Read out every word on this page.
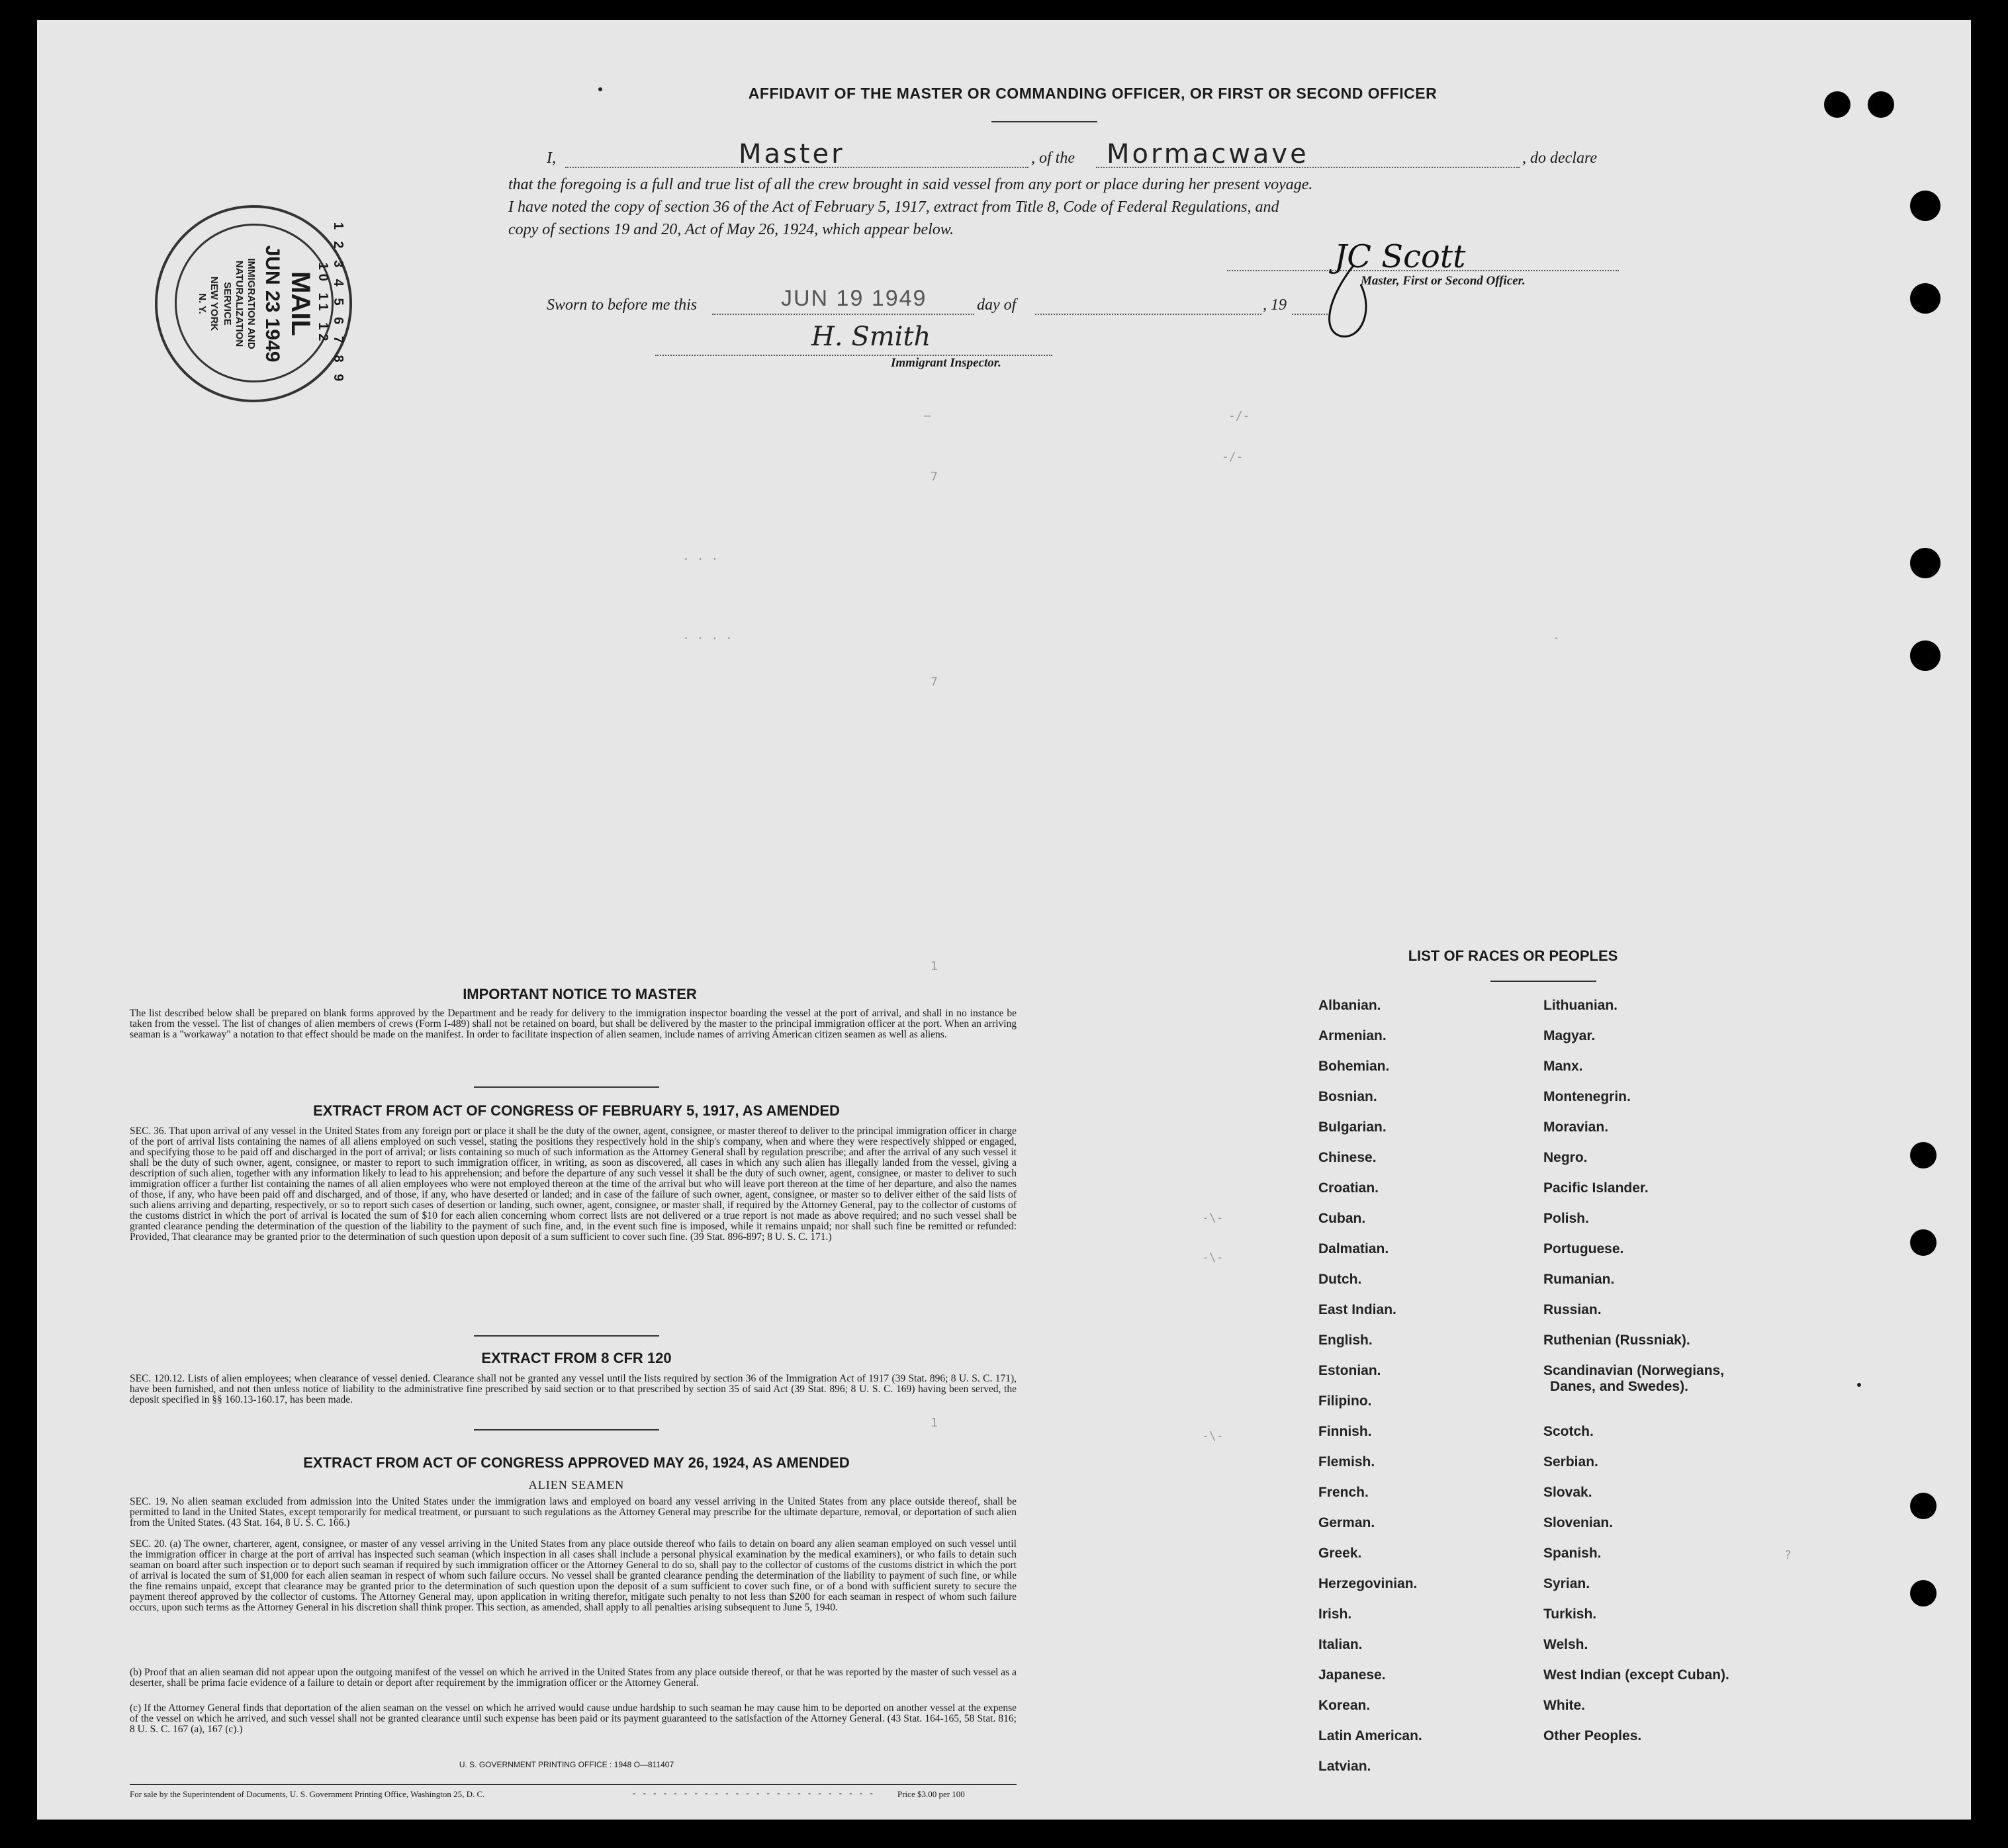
AFFIDAVIT OF THE MASTER OR COMMANDING OFFICER, OR FIRST OR SECOND OFFICER
I,	Master	, of the Mormacwave	, do declare
that the foregoing is a full and true list of all the crew brought in said vessel from any port or place during her present voyage.
I have noted the copy of section 36 of the Act of February 5, 1917, extract from Title 8, Code of Federal Regulations, and
copy of sections 19 and 20, Act of May 26, 1924, which appear below.
JC Scott
Master, First or Second Officer.
Sworn to before me this	JUN 19 1949	day of	, 19
H. Smith
Immigrant Inspector.
1 2 3 4 5 6 7 8 9 10 11 12
MAIL
JUN 23 1949
IMMIGRATION AND
NATURALIZATION
SERVICE
NEW YORK
N. Y.
—	-/-
-/-
. . .
. . . .
7
7
.
1
-\-
-\-
-\-
1
?
IMPORTANT NOTICE TO MASTER
The list described below shall be prepared on blank forms approved by the Department and be ready for delivery to the immigration inspector boarding the vessel at the port of arrival, and shall in no instance be taken from the vessel. The list of changes of alien members of crews (Form I-489) shall not be retained on board, but shall be delivered by the master to the principal immigration officer at the port. When an arriving seaman is a "workaway" a notation to that effect should be made on the manifest. In order to facilitate inspection of alien seamen, include names of arriving American citizen seamen as well as aliens.
EXTRACT FROM ACT OF CONGRESS OF FEBRUARY 5, 1917, AS AMENDED
SEC. 36. That upon arrival of any vessel in the United States from any foreign port or place it shall be the duty of the owner, agent, consignee, or master thereof to deliver to the principal immigration officer in charge of the port of arrival lists containing the names of all aliens employed on such vessel, stating the positions they respectively hold in the ship's company, when and where they were respectively shipped or engaged, and specifying those to be paid off and discharged in the port of arrival; or lists containing so much of such information as the Attorney General shall by regulation prescribe; and after the arrival of any such vessel it shall be the duty of such owner, agent, consignee, or master to report to such immigration officer, in writing, as soon as discovered, all cases in which any such alien has illegally landed from the vessel, giving a description of such alien, together with any information likely to lead to his apprehension; and before the departure of any such vessel it shall be the duty of such owner, agent, consignee, or master to deliver to such immigration officer a further list containing the names of all alien employees who were not employed thereon at the time of the arrival but who will leave port thereon at the time of her departure, and also the names of those, if any, who have been paid off and discharged, and of those, if any, who have deserted or landed; and in case of the failure of such owner, agent, consignee, or master so to deliver either of the said lists of such aliens arriving and departing, respectively, or so to report such cases of desertion or landing, such owner, agent, consignee, or master shall, if required by the Attorney General, pay to the collector of customs of the customs district in which the port of arrival is located the sum of $10 for each alien concerning whom correct lists are not delivered or a true report is not made as above required; and no such vessel shall be granted clearance pending the determination of the question of the liability to the payment of such fine, and, in the event such fine is imposed, while it remains unpaid; nor shall such fine be remitted or refunded: Provided, That clearance may be granted prior to the determination of such question upon deposit of a sum sufficient to cover such fine. (39 Stat. 896-897; 8 U. S. C. 171.)
EXTRACT FROM 8 CFR 120
SEC. 120.12. Lists of alien employees; when clearance of vessel denied. Clearance shall not be granted any vessel until the lists required by section 36 of the Immigration Act of 1917 (39 Stat. 896; 8 U. S. C. 171), have been furnished, and not then unless notice of liability to the administrative fine prescribed by said section or to that prescribed by section 35 of said Act (39 Stat. 896; 8 U. S. C. 169) having been served, the deposit specified in §§ 160.13-160.17, has been made.
EXTRACT FROM ACT OF CONGRESS APPROVED MAY 26, 1924, AS AMENDED
ALIEN SEAMEN
SEC. 19. No alien seaman excluded from admission into the United States under the immigration laws and employed on board any vessel arriving in the United States from any place outside thereof, shall be permitted to land in the United States, except temporarily for medical treatment, or pursuant to such regulations as the Attorney General may prescribe for the ultimate departure, removal, or deportation of such alien from the United States. (43 Stat. 164, 8 U. S. C. 166.)
SEC. 20. (a) The owner, charterer, agent, consignee, or master of any vessel arriving in the United States from any place outside thereof who fails to detain on board any alien seaman employed on such vessel until the immigration officer in charge at the port of arrival has inspected such seaman (which inspection in all cases shall include a personal physical examination by the medical examiners), or who fails to detain such seaman on board after such inspection or to deport such seaman if required by such immigration officer or the Attorney General to do so, shall pay to the collector of customs of the customs district in which the port of arrival is located the sum of $1,000 for each alien seaman in respect of whom such failure occurs. No vessel shall be granted clearance pending the determination of the liability to payment of such fine, or while the fine remains unpaid, except that clearance may be granted prior to the determination of such question upon the deposit of a sum sufficient to cover such fine, or of a bond with sufficient surety to secure the payment thereof approved by the collector of customs. The Attorney General may, upon application in writing therefor, mitigate such penalty to not less than $200 for each seaman in respect of whom such failure occurs, upon such terms as the Attorney General in his discretion shall think proper. This section, as amended, shall apply to all penalties arising subsequent to June 5, 1940.
(b) Proof that an alien seaman did not appear upon the outgoing manifest of the vessel on which he arrived in the United States from any place outside thereof, or that he was reported by the master of such vessel as a deserter, shall be prima facie evidence of a failure to detain or deport after requirement by the immigration officer or the Attorney General.
(c) If the Attorney General finds that deportation of the alien seaman on the vessel on which he arrived would cause undue hardship to such seaman he may cause him to be deported on another vessel at the expense of the vessel on which he arrived, and such vessel shall not be granted clearance until such expense has been paid or its payment guaranteed to the satisfaction of the Attorney General. (43 Stat. 164-165, 58 Stat. 816; 8 U. S. C. 167 (a), 167 (c).)
U. S. GOVERNMENT PRINTING OFFICE : 1948 O—811407
For sale by the Superintendent of Documents, U. S. Government Printing Office, Washington 25, D. C.	- - - - - - - - - - - - - - - - - - - - - - - -	Price $3.00 per 100
LIST OF RACES OR PEOPLES
Albanian.
Armenian.
Bohemian.
Bosnian.
Bulgarian.
Chinese.
Croatian.
Cuban.
Dalmatian.
Dutch.
East Indian.
English.
Estonian.
Filipino.
Finnish.
Flemish.
French.
German.
Greek.
Herzegovinian.
Irish.
Italian.
Japanese.
Korean.
Latin American.
Latvian.
Lithuanian.
Magyar.
Manx.
Montenegrin.
Moravian.
Negro.
Pacific Islander.
Polish.
Portuguese.
Rumanian.
Russian.
Ruthenian (Russniak).
Scandinavian (Norwegians,
Danes, and Swedes).
Scotch.
Serbian.
Slovak.
Slovenian.
Spanish.
Syrian.
Turkish.
Welsh.
West Indian (except Cuban).
White.
Other Peoples.
